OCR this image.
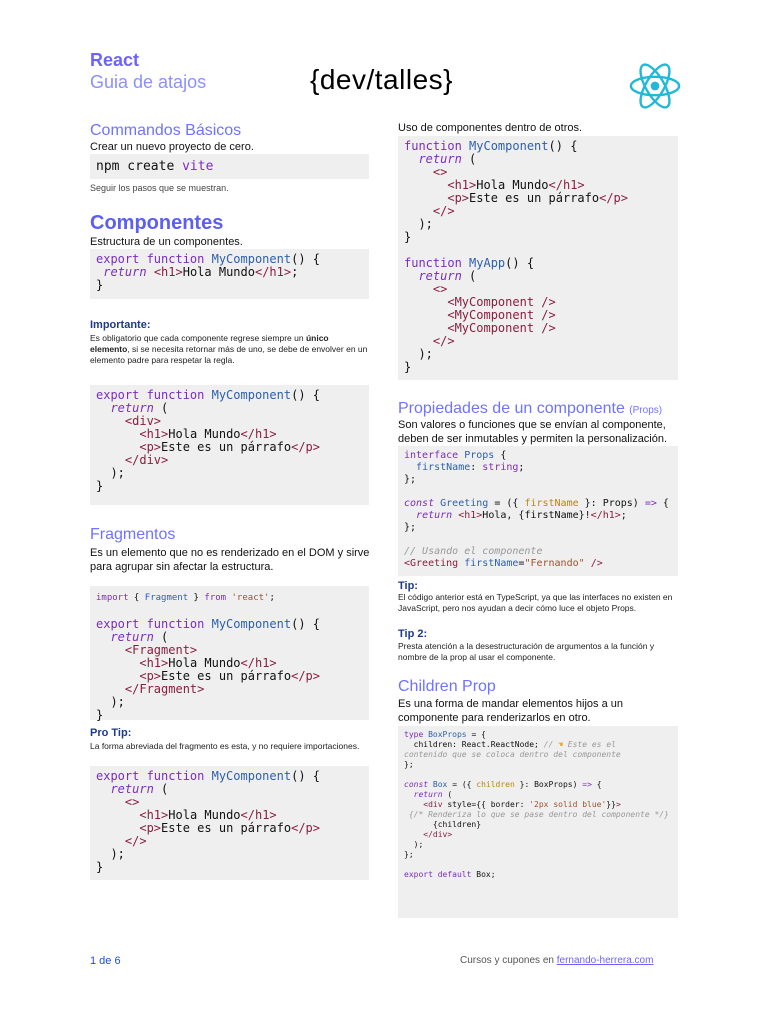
React
Guia de atajos	{dev/talles}
Commandos Básicos
Crear un nuevo proyecto de cero.
npm create vite
Seguir los pasos que se muestran.
Componentes
Estructura de un componentes.
export function MyComponent() {
return <h1>Hola Mundo</h1>;
}
Importante:
Es obligatorio que cada componente regrese siempre un único elemento, si se necesita retornar más de uno, se debe de envolver en un elemento padre para respetar la regla.
export function MyComponent() {
return (
<div>
<h1>Hola Mundo</h1>
<p>Este es un párrafo</p>
</div>
);
}
Fragmentos
Es un elemento que no es renderizado en el DOM y sirve para agrupar sin afectar la estructura.
import { Fragment } from 'react';

export function MyComponent() {
return (
<Fragment>
<h1>Hola Mundo</h1>
<p>Este es un párrafo</p>
</Fragment>
);
}
Pro Tip:
La forma abreviada del fragmento es esta, y no requiere importaciones.
export function MyComponent() {
return (
<>
<h1>Hola Mundo</h1>
<p>Este es un párrafo</p>
</>
);
}
Uso de componentes dentro de otros.
function MyComponent() {
return (
<>
<h1>Hola Mundo</h1>
<p>Este es un párrafo</p>
</>
);
}

function MyApp() {
return (
<>
<MyComponent />
<MyComponent />
<MyComponent />
</>
);
}
Propiedades de un componente (Props)
Son valores o funciones que se envían al componente, deben de ser inmutables y permiten la personalización.
interface Props {
firstName: string;
};

const Greeting = ({ firstName }: Props) => {
return <h1>Hola, {firstName}!</h1>;
};

// Usando el componente
<Greeting firstName="Fernando" />
Tip:
El código anterior está en TypeScript, ya que las interfaces no existen en JavaScript, pero nos ayudan a decir cómo luce el objeto Props.
Tip 2:
Presta atención a la desestructuración de argumentos a la función y nombre de la prop al usar el componente.
Children Prop
Es una forma de mandar elementos hijos a un componente para renderizarlos en otro.
type BoxProps = {
children: React.ReactNode; // ☚ Este es el
contenido que se coloca dentro del componente
};

const Box = ({ children }: BoxProps) => {
return (
<div style={{ border: '2px solid blue'}}>
{/* Renderiza lo que se pase dentro del componente */}
{children}
</div>
);
};

export default Box;
1 de 6	Cursos y cupones en fernando-herrera.com
